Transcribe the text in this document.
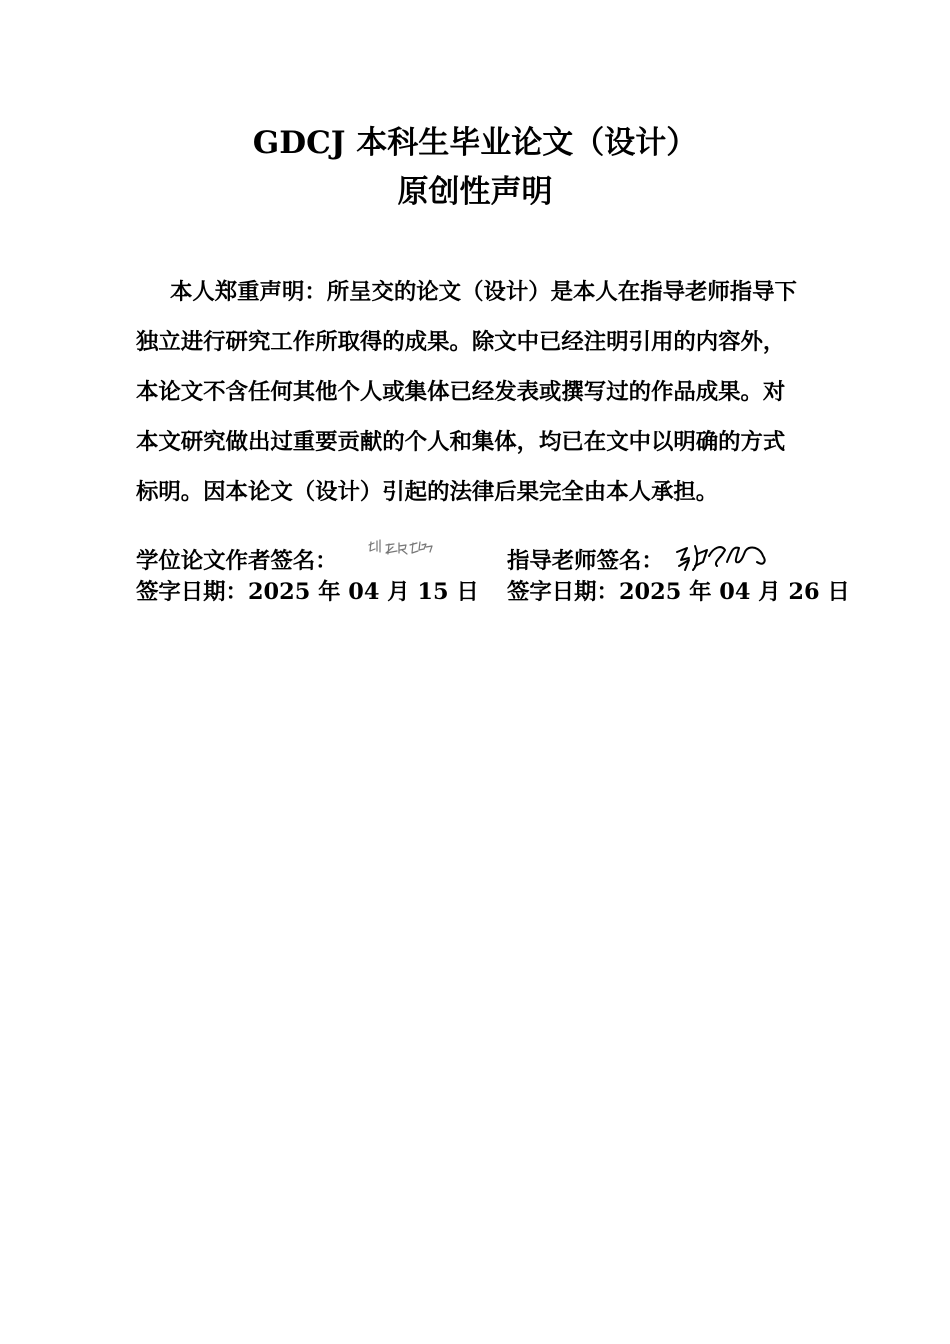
GDCJ 本科生毕业论文（设计）
原创性声明
本人郑重声明：所呈交的论文（设计）是本人在指导老师指导下
独立进行研究工作所取得的成果。除文中已经注明引用的内容外，
本论文不含任何其他个人或集体已经发表或撰写过的作品成果。对
本文研究做出过重要贡献的个人和集体，均已在文中以明确的方式
标明。因本论文（设计）引起的法律后果完全由本人承担。
学位论文作者签名：	指导老师签名：
签字日期：2025 年 04 月 15 日 签字日期：2025 年 04 月 26 日
